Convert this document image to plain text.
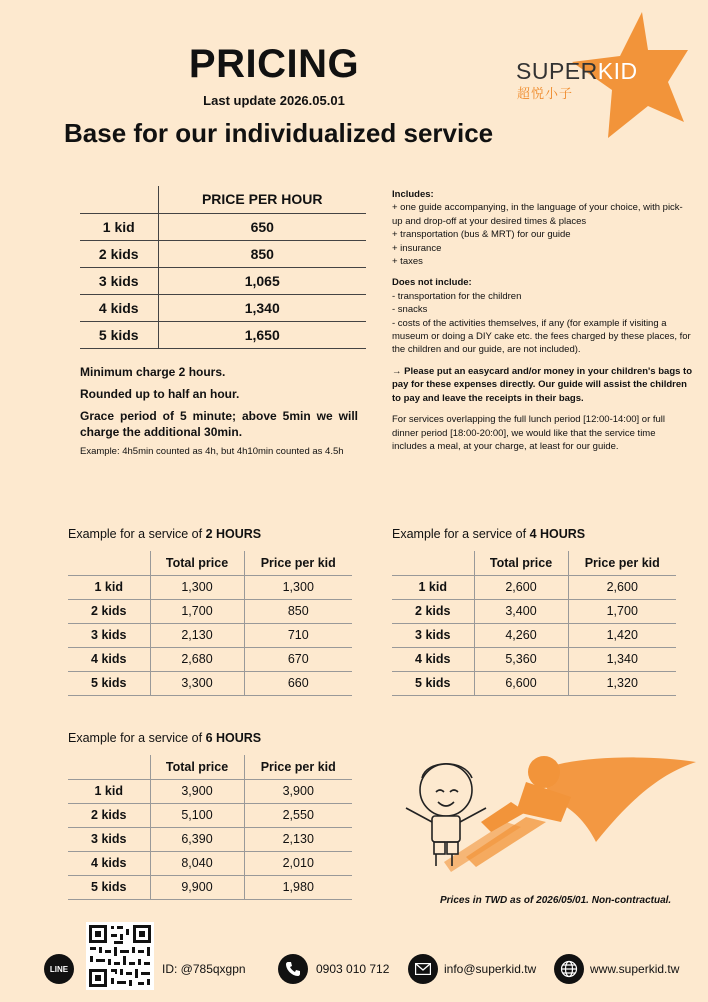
PRICING
Last update 2026.05.01
Base for our individualized service
SUPERKID
超悦小子
	PRICE PER HOUR
1 kid	650
2 kids	850
3 kids	1,065
4 kids	1,340
5 kids	1,650

Minimum charge 2 hours.

Rounded up to half an hour.

Grace period of 5 minute; above 5min we will charge the additional 30min.

Example: 4h5min counted as 4h, but 4h10min counted as 4.5h

Includes:
+ one guide accompanying, in the language of your choice, with pick-up and drop-off at your desired times & places
+ transportation (bus & MRT) for our guide
+ insurance
+ taxes
Does not include:
- transportation for the children
- snacks
- costs of the activities themselves, if any (for example if visiting a museum or doing a DIY cake etc. the fees charged by these places, for the children and our guide, are not included).
→ Please put an easycard and/or money in your children's bags to pay for these expenses directly. Our guide will assist the children to pay and leave the receipts in their bags.
For services overlapping the full lunch period [12:00-14:00] or full dinner period [18:00-20:00], we would like that the service time includes a meal, at your charge, at least for our guide.
Example for a service of 2 HOURS
	Total price	Price per kid
1 kid	1,300	1,300
2 kids	1,700	850
3 kids	2,130	710
4 kids	2,680	670
5 kids	3,300	660
Example for a service of 4 HOURS
	Total price	Price per kid
1 kid	2,600	2,600
2 kids	3,400	1,700
3 kids	4,260	1,420
4 kids	5,360	1,340
5 kids	6,600	1,320
Example for a service of 6 HOURS
	Total price	Price per kid
1 kid	3,900	3,900
2 kids	5,100	2,550
3 kids	6,390	2,130
4 kids	8,040	2,010
5 kids	9,900	1,980
Prices in TWD as of 2026/05/01. Non-contractual.
LINE	ID: @785qxgpn	0903 010 712	info@superkid.tw	www.superkid.tw
